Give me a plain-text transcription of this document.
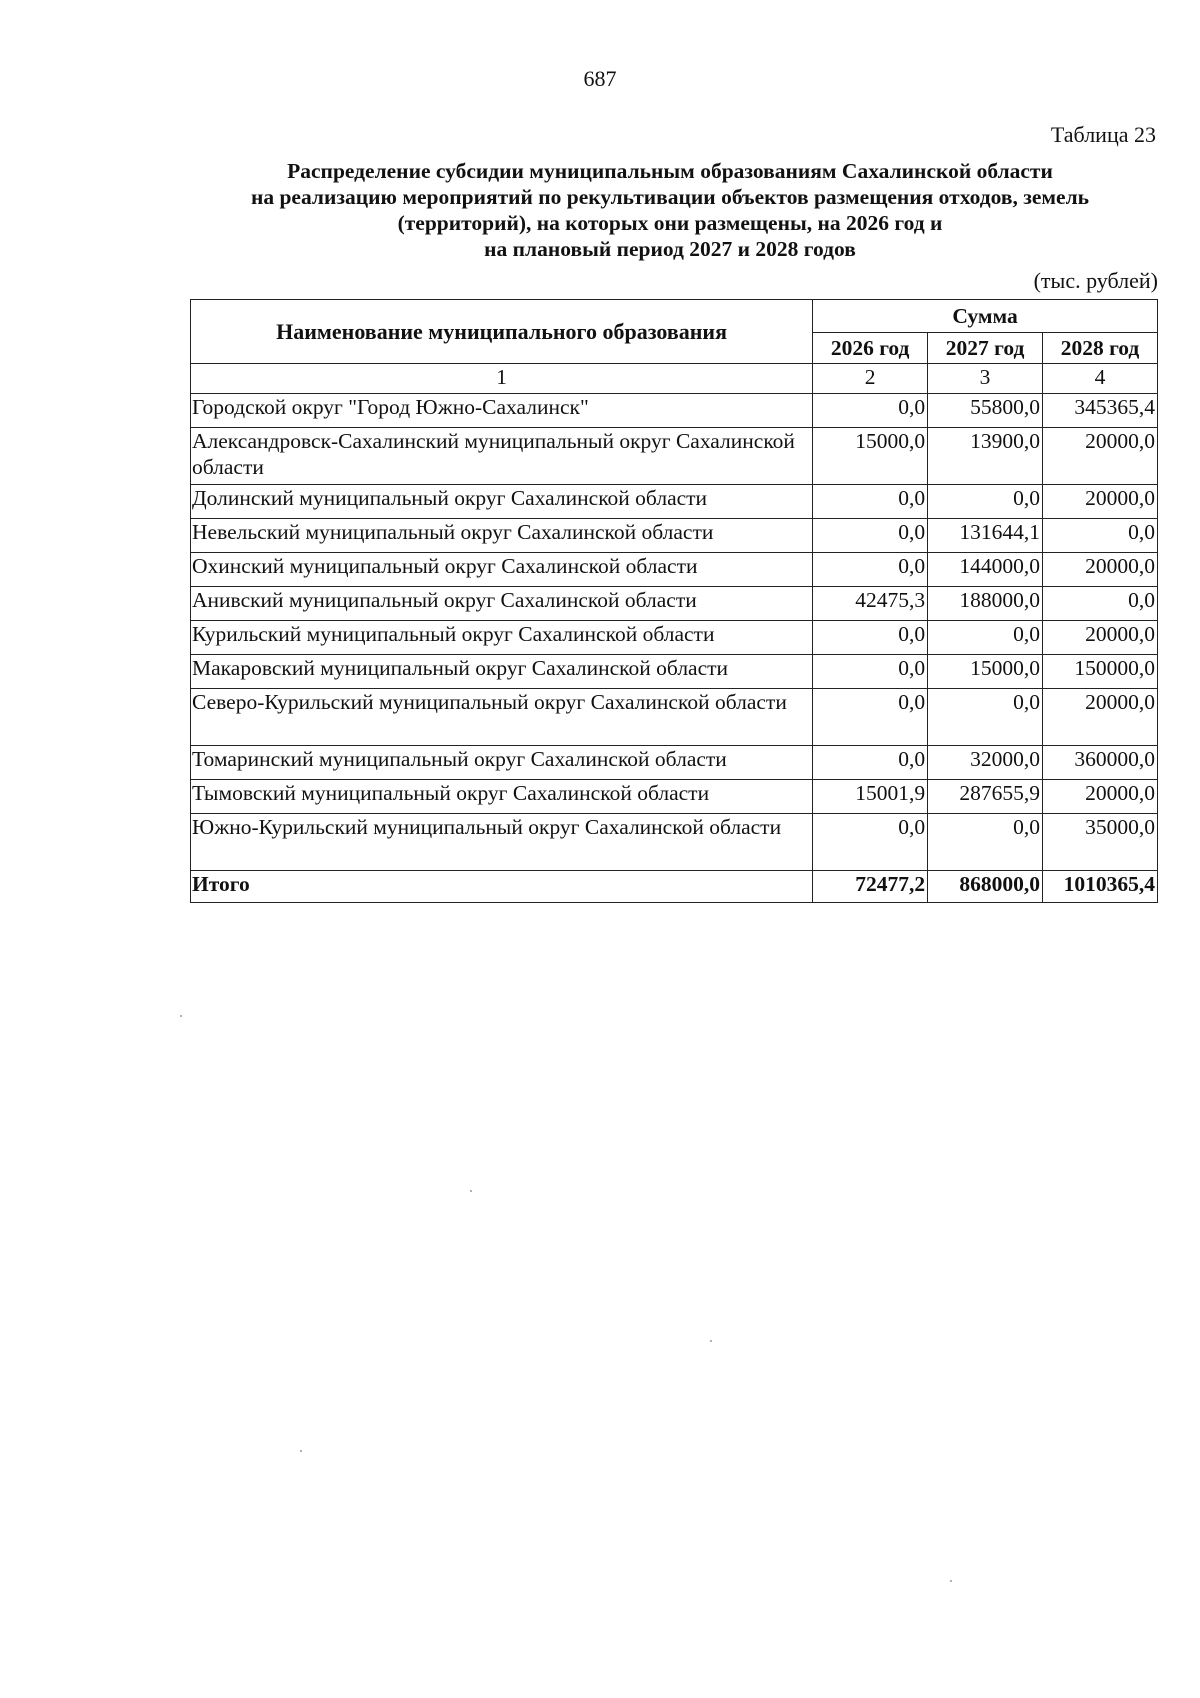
687
Таблица 23
Распределение субсидии муниципальным образованиям Сахалинской области
на реализацию мероприятий по рекультивации объектов размещения отходов, земель
(территорий), на которых они размещены, на 2026 год и
на плановый период 2027 и 2028 годов
(тыс. рублей)
Наименование муниципального образования	Сумма		
	2026 год	2027 год	2028 год
1	2	3	4
Городской округ "Город Южно-Сахалинск"	0,0	55800,0	345365,4
Александровск-Сахалинский муниципальный округ Сахалинской области	15000,0	13900,0	20000,0
Долинский муниципальный округ Сахалинской области	0,0	0,0	20000,0
Невельский муниципальный округ Сахалинской области	0,0	131644,1	0,0
Охинский муниципальный округ Сахалинской области	0,0	144000,0	20000,0
Анивский муниципальный округ Сахалинской области	42475,3	188000,0	0,0
Курильский муниципальный округ Сахалинской области	0,0	0,0	20000,0
Макаровский муниципальный округ Сахалинской области	0,0	15000,0	150000,0
Северо-Курильский муниципальный округ Сахалинской области	0,0	0,0	20000,0
Томаринский муниципальный округ Сахалинской области	0,0	32000,0	360000,0
Тымовский муниципальный округ Сахалинской области	15001,9	287655,9	20000,0
Южно-Курильский муниципальный округ Сахалинской области	0,0	0,0	35000,0
Итого	72477,2	868000,0	1010365,4
